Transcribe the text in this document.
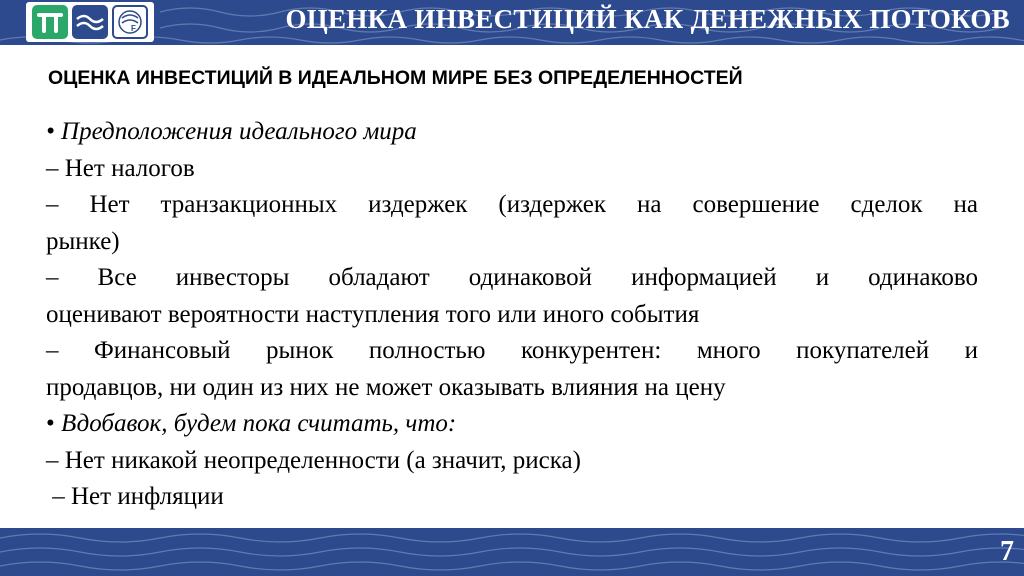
F	ОЦЕНКА ИНВЕСТИЦИЙ КАК ДЕНЕЖНЫХ ПОТОКОВ
ОЦЕНКА ИНВЕСТИЦИЙ В ИДЕАЛЬНОМ МИРЕ БЕЗ ОПРЕДЕЛЕННОСТЕЙ
• Предположения идеального мира
– Нет налогов
– Нет транзакционных издержек (издержек на совершение сделок на
рынке)
– Все инвесторы обладают одинаковой информацией и одинаково
оценивают вероятности наступления того или иного события
– Финансовый рынок полностью конкурентен: много покупателей и
продавцов, ни один из них не может оказывать влияния на цену
• Вдобавок, будем пока считать, что:
– Нет никакой неопределенности (а значит, риска)
– Нет инфляции
7
